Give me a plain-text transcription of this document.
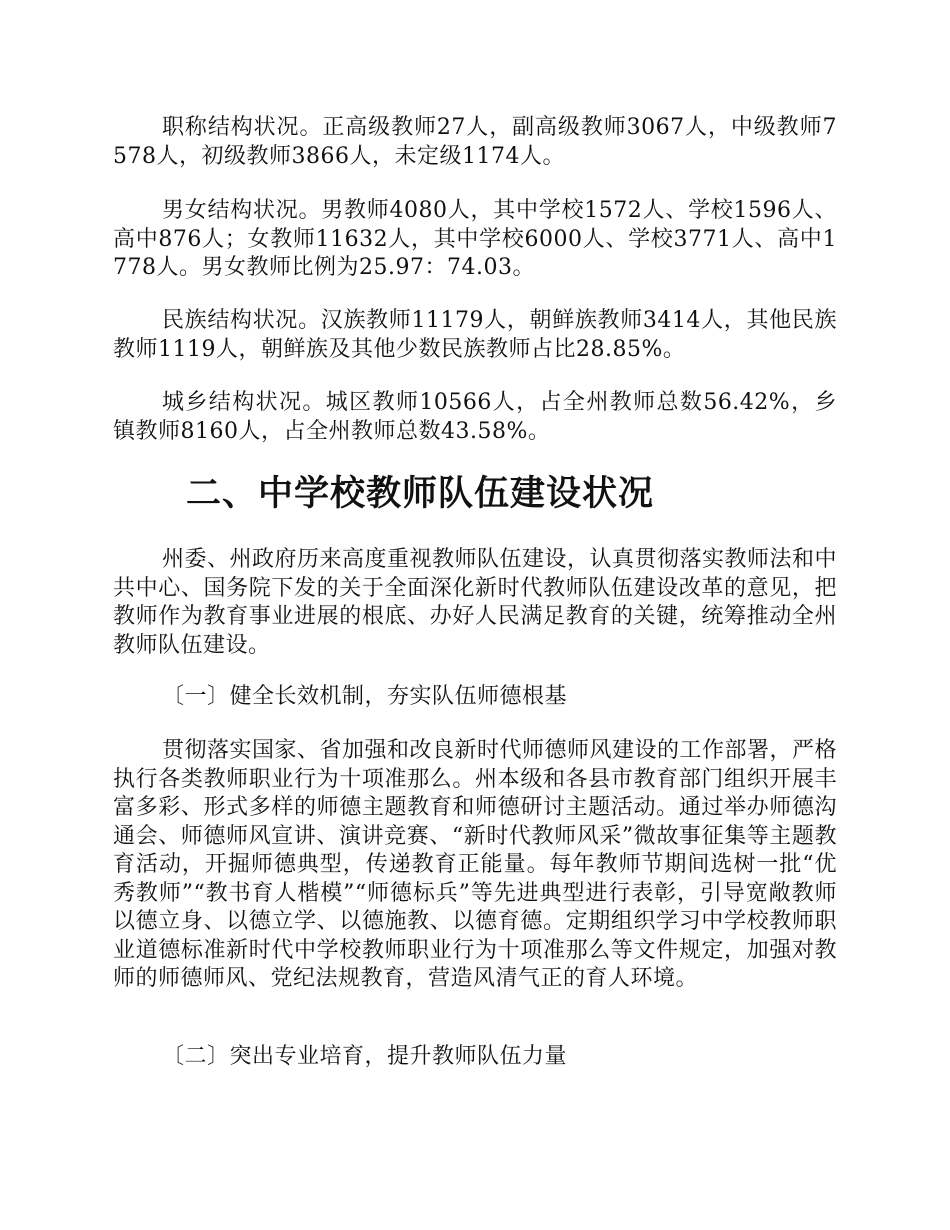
职称结构状况。正高级教师27人，副高级教师3067人，中级教师7578人，初级教师3866人，未定级1174人。

男女结构状况。男教师4080人，其中学校1572人、学校1596人、高中876人；女教师11632人，其中学校6000人、学校3771人、高中1778人。男女教师比例为25.97：74.03。

民族结构状况。汉族教师11179人，朝鲜族教师3414人，其他民族教师1119人，朝鲜族及其他少数民族教师占比28.85%。

城乡结构状况。城区教师10566人，占全州教师总数56.42%，乡镇教师8160人，占全州教师总数43.58%。

二、中学校教师队伍建设状况

州委、州政府历来高度重视教师队伍建设，认真贯彻落实教师法和中共中心、国务院下发的关于全面深化新时代教师队伍建设改革的意见，把教师作为教育事业进展的根底、办好人民满足教育的关键，统筹推动全州教师队伍建设。

〔一〕健全长效机制，夯实队伍师德根基

贯彻落实国家、省加强和改良新时代师德师风建设的工作部署，严格执行各类教师职业行为十项准那么。州本级和各县市教育部门组织开展丰富多彩、形式多样的师德主题教育和师德研讨主题活动。通过举办师德沟通会、师德师风宣讲、演讲竞赛、“新时代教师风采”微故事征集等主题教育活动，开掘师德典型，传递教育正能量。每年教师节期间选树一批“优秀教师”“教书育人楷模”“师德标兵”等先进典型进行表彰，引导宽敞教师以德立身、以德立学、以德施教、以德育德。定期组织学习中学校教师职业道德标准新时代中学校教师职业行为十项准那么等文件规定，加强对教师的师德师风、党纪法规教育，营造风清气正的育人环境。

〔二〕突出专业培育，提升教师队伍力量
